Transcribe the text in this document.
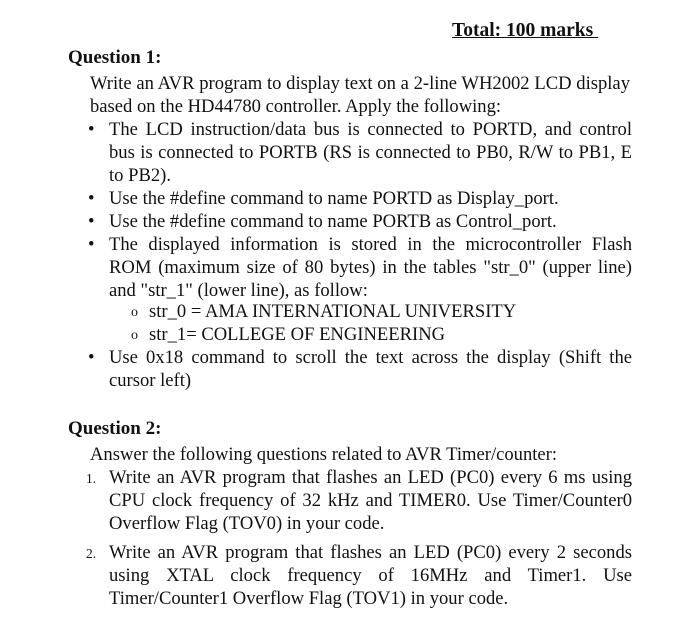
Total: 100 marks
Question 1:
Write an AVR program to display text on a 2-line WH2002 LCD display based on the HD44780 controller. Apply the following:
• The LCD instruction/data bus is connected to PORTD, and control bus is connected to PORTB (RS is connected to PB0, R/W to PB1, E to PB2).
• Use the #define command to name PORTD as Display_port.
• Use the #define command to name PORTB as Control_port.
• The displayed information is stored in the microcontroller Flash ROM (maximum size of 80 bytes) in the tables "str_0" (upper line) and "str_1" (lower line), as follow:
o str_0 = AMA INTERNATIONAL UNIVERSITY
o str_1= COLLEGE OF ENGINEERING
• Use 0x18 command to scroll the text across the display (Shift the cursor left)
Question 2:
Answer the following questions related to AVR Timer/counter:
1. Write an AVR program that flashes an LED (PC0) every 6 ms using CPU clock frequency of 32 kHz and TIMER0. Use Timer/Counter0 Overflow Flag (TOV0) in your code.
2. Write an AVR program that flashes an LED (PC0) every 2 seconds using XTAL clock frequency of 16MHz and Timer1. Use Timer/Counter1 Overflow Flag (TOV1) in your code.
